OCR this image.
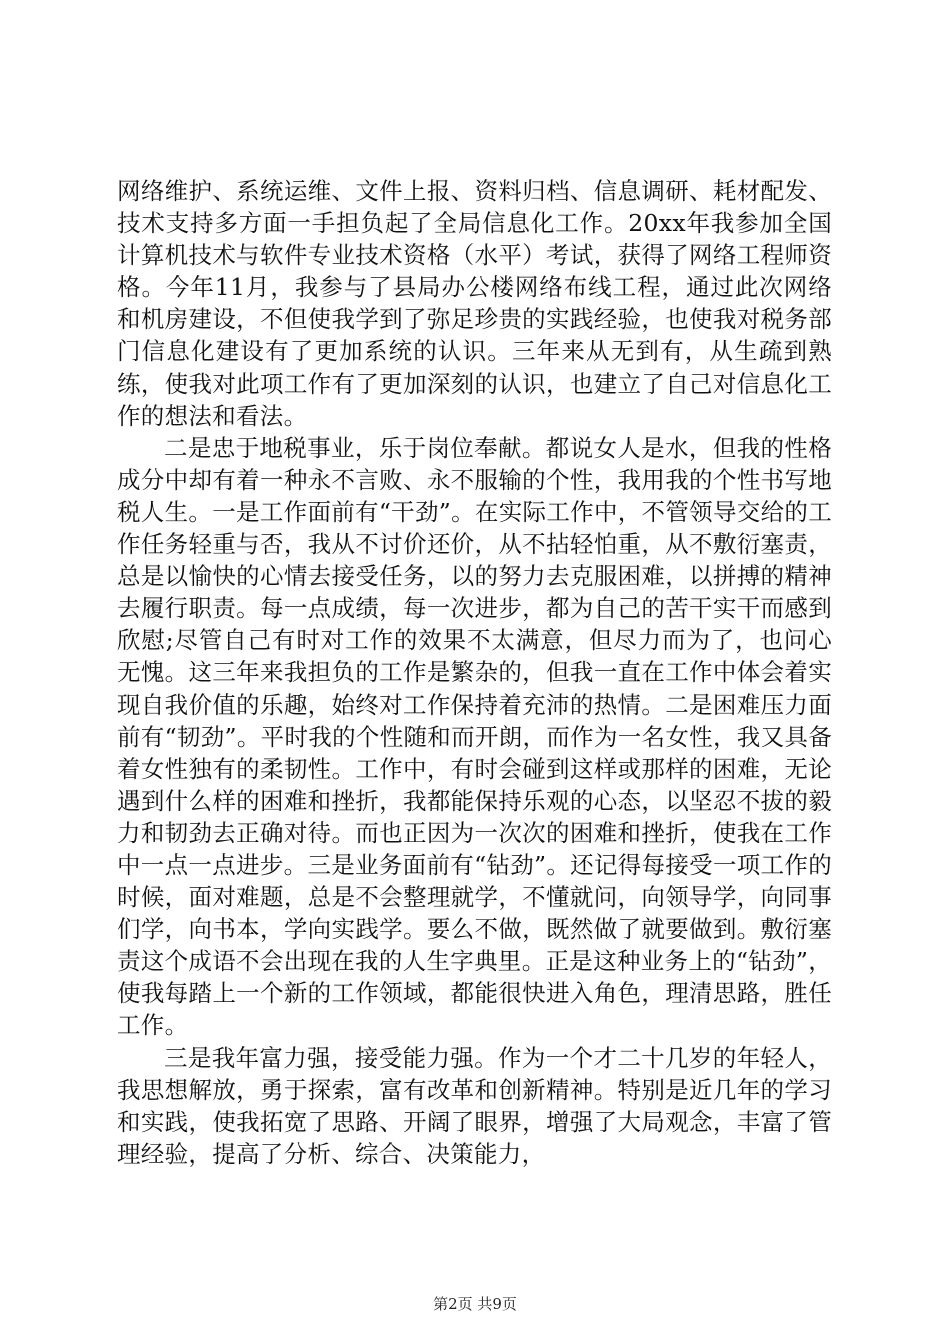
网络维护、系统运维、文件上报、资料归档、信息调研、耗材配发、技术支持多方面一手担负起了全局信息化工作。20xx年我参加全国计算机技术与软件专业技术资格（水平）考试，获得了网络工程师资格。今年11月，我参与了县局办公楼网络布线工程，通过此次网络和机房建设，不但使我学到了弥足珍贵的实践经验，也使我对税务部门信息化建设有了更加系统的认识。三年来从无到有，从生疏到熟练，使我对此项工作有了更加深刻的认识，也建立了自己对信息化工作的想法和看法。

二是忠于地税事业，乐于岗位奉献。都说女人是水，但我的性格成分中却有着一种永不言败、永不服输的个性，我用我的个性书写地税人生。一是工作面前有“干劲”。在实际工作中，不管领导交给的工作任务轻重与否，我从不讨价还价，从不拈轻怕重，从不敷衍塞责，总是以愉快的心情去接受任务，以的努力去克服困难，以拼搏的精神去履行职责。每一点成绩，每一次进步，都为自己的苦干实干而感到欣慰;尽管自己有时对工作的效果不太满意，但尽力而为了，也问心无愧。这三年来我担负的工作是繁杂的，但我一直在工作中体会着实现自我价值的乐趣，始终对工作保持着充沛的热情。二是困难压力面前有“韧劲”。平时我的个性随和而开朗，而作为一名女性，我又具备着女性独有的柔韧性。工作中，有时会碰到这样或那样的困难，无论遇到什么样的困难和挫折，我都能保持乐观的心态，以坚忍不拔的毅力和韧劲去正确对待。而也正因为一次次的困难和挫折，使我在工作中一点一点进步。三是业务面前有“钻劲”。还记得每接受一项工作的时候，面对难题，总是不会整理就学，不懂就问，向领导学，向同事们学，向书本，学向实践学。要么不做，既然做了就要做到。敷衍塞责这个成语不会出现在我的人生字典里。正是这种业务上的“钻劲”，使我每踏上一个新的工作领域，都能很快进入角色，理清思路，胜任工作。

三是我年富力强，接受能力强。作为一个才二十几岁的年轻人，我思想解放，勇于探索，富有改革和创新精神。特别是近几年的学习和实践，使我拓宽了思路、开阔了眼界，增强了大局观念，丰富了管理经验，提高了分析、综合、决策能力，

第2页 共9页
